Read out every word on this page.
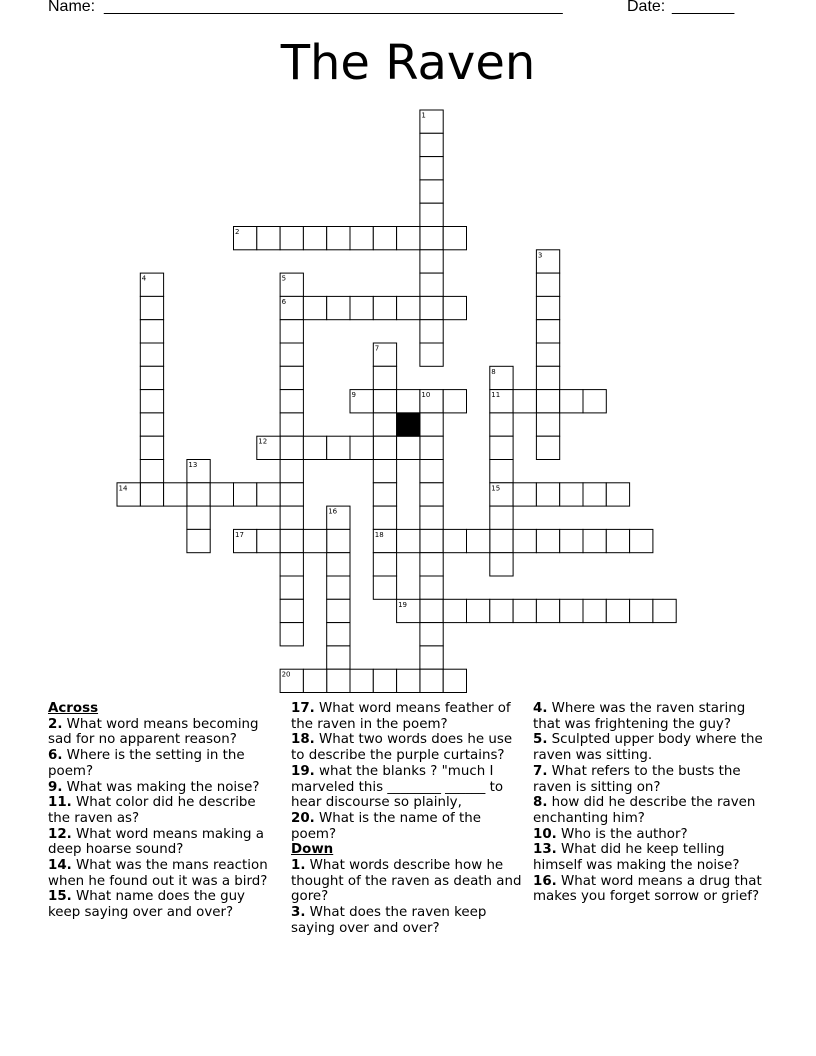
Name: _____________________________________________________	Date: _______
The Raven
1
2
3
4	5
6
7
8
9	10	11
12
13
14	15
16
17	18
19
20
Across
2. What word means becoming sad for no apparent reason?
6. Where is the setting in the poem?
9. What was making the noise?
11. What color did he describe the raven as?
12. What word means making a deep hoarse sound?
14. What was the mans reaction when he found out it was a bird?
15. What name does the guy keep saying over and over?
17. What word means feather of the raven in the poem?
18. What two words does he use to describe the purple curtains?
19. what the blanks ? "much I marveled this ________ ______ to hear discourse so plainly,
20. What is the name of the poem?
Down
1. What words describe how he thought of the raven as death and gore?
3. What does the raven keep saying over and over?
4. Where was the raven staring that was frightening the guy?
5. Sculpted upper body where the raven was sitting.
7. What refers to the busts the raven is sitting on?
8. how did he describe the raven enchanting him?
10. Who is the author?
13. What did he keep telling himself was making the noise?
16. What word means a drug that makes you forget sorrow or grief?
